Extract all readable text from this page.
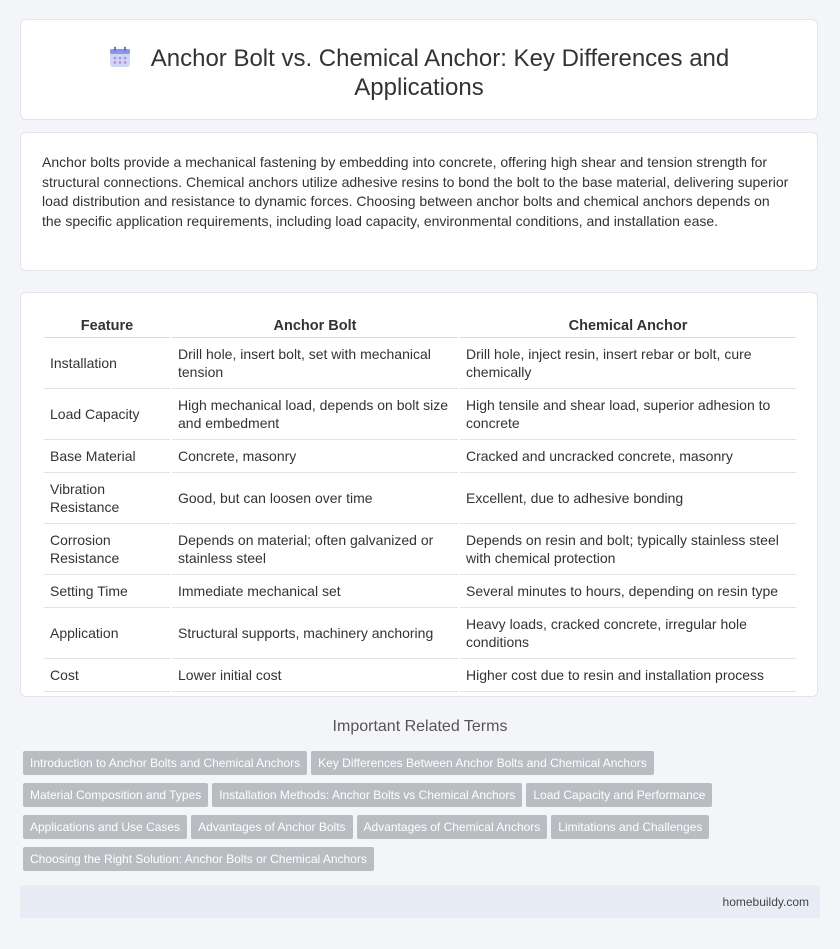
Anchor Bolt vs. Chemical Anchor: Key Differences and
Applications
Anchor bolts provide a mechanical fastening by embedding into concrete, offering high shear and tension strength for structural connections. Chemical anchors utilize adhesive resins to bond the bolt to the base material, delivering superior load distribution and resistance to dynamic forces. Choosing between anchor bolts and chemical anchors depends on the specific application requirements, including load capacity, environmental conditions, and installation ease.
Feature	Anchor Bolt	Chemical Anchor
Installation	Drill hole, insert bolt, set with mechanical tension	Drill hole, inject resin, insert rebar or bolt, cure chemically
Load Capacity	High mechanical load, depends on bolt size and embedment	High tensile and shear load, superior adhesion to concrete
Base Material	Concrete, masonry	Cracked and uncracked concrete, masonry
Vibration Resistance	Good, but can loosen over time	Excellent, due to adhesive bonding
Corrosion Resistance	Depends on material; often galvanized or stainless steel	Depends on resin and bolt; typically stainless steel with chemical protection
Setting Time	Immediate mechanical set	Several minutes to hours, depending on resin type
Application	Structural supports, machinery anchoring	Heavy loads, cracked concrete, irregular hole conditions
Cost	Lower initial cost	Higher cost due to resin and installation process
Important Related Terms
Introduction to Anchor Bolts and Chemical Anchors Key Differences Between Anchor Bolts and Chemical Anchors
Material Composition and Types Installation Methods: Anchor Bolts vs Chemical Anchors Load Capacity and Performance
Applications and Use Cases Advantages of Anchor Bolts Advantages of Chemical Anchors Limitations and Challenges
Choosing the Right Solution: Anchor Bolts or Chemical Anchors
homebuildy.com
